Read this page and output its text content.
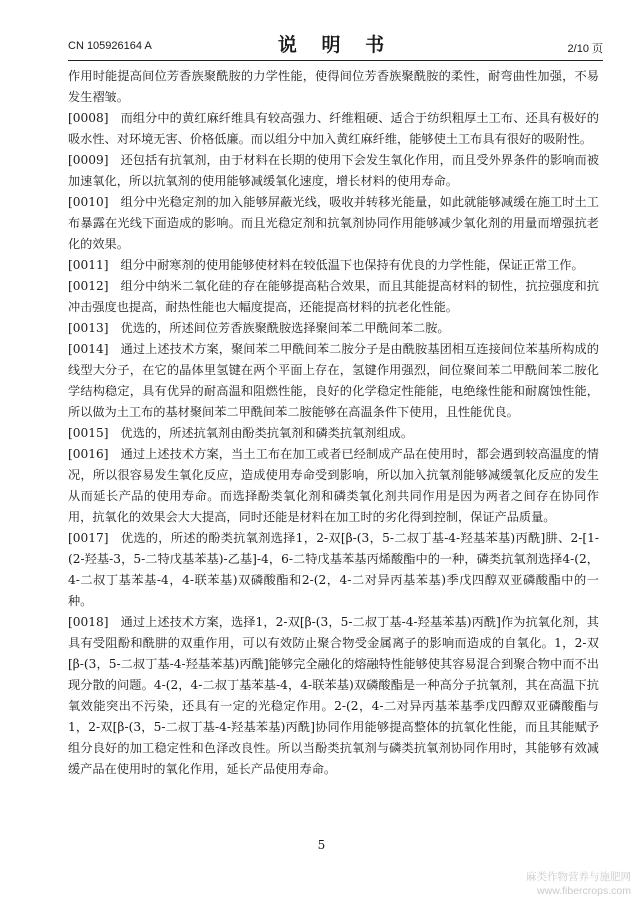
CN 105926164 A	说 明 书	2/10 页

作用时能提高间位芳香族聚酰胺的力学性能，使得间位芳香族聚酰胺的柔性，耐弯曲性加强，不易发生褶皱。

[0008] 而组分中的黄红麻纤维具有较高强力、纤维粗硬、适合于纺织粗厚土工布、还具有极好的吸水性、对环境无害、价格低廉。而以组分中加入黄红麻纤维，能够使土工布具有很好的吸附性。

[0009] 还包括有抗氧剂，由于材料在长期的使用下会发生氧化作用，而且受外界条件的影响而被加速氧化，所以抗氧剂的使用能够减缓氧化速度，增长材料的使用寿命。

[0010] 组分中光稳定剂的加入能够屏蔽光线，吸收并转移光能量，如此就能够减缓在施工时土工布暴露在光线下面造成的影响。而且光稳定剂和抗氧剂协同作用能够减少氧化剂的用量而增强抗老化的效果。

[0011] 组分中耐寒剂的使用能够使材料在较低温下也保持有优良的力学性能，保证正常工作。

[0012] 组分中纳米二氧化硅的存在能够提高粘合效果，而且其能提高材料的韧性，抗拉强度和抗冲击强度也提高，耐热性能也大幅度提高，还能提高材料的抗老化性能。

[0013] 优选的，所述间位芳香族聚酰胺选择聚间苯二甲酰间苯二胺。

[0014] 通过上述技术方案，聚间苯二甲酰间苯二胺分子是由酰胺基团相互连接间位苯基所构成的线型大分子，在它的晶体里氢键在两个平面上存在，氢键作用强烈，间位聚间苯二甲酰间苯二胺化学结构稳定，具有优异的耐高温和阻燃性能，良好的化学稳定性能能，电绝缘性能和耐腐蚀性能，所以做为土工布的基材聚间苯二甲酰间苯二胺能够在高温条件下使用，且性能优良。

[0015] 优选的，所述抗氧剂由酚类抗氧剂和磷类抗氧剂组成。

[0016] 通过上述技术方案，当土工布在加工或者已经制成产品在使用时，都会遇到较高温度的情况，所以很容易发生氧化反应，造成使用寿命受到影响，所以加入抗氧剂能够减缓氧化反应的发生从而延长产品的使用寿命。而选择酚类氧化剂和磷类氧化剂共同作用是因为两者之间存在协同作用，抗氧化的效果会大大提高，同时还能是材料在加工时的劣化得到控制，保证产品质量。

[0017] 优选的，所述的酚类抗氧剂选择1，2-双[β-(3，5-二叔丁基-4-羟基苯基)丙酰]肼、2-[1-(2-羟基-3，5-二特戊基苯基)-乙基]-4，6-二特戊基苯基丙烯酸酯中的一种，磷类抗氧剂选择4-(2，4-二叔丁基苯基-4，4-联苯基)双磷酸酯和2-(2，4-二对异丙基苯基)季戊四醇双亚磷酸酯中的一种。

[0018] 通过上述技术方案，选择1，2-双[β-(3，5-二叔丁基-4-羟基苯基)丙酰]作为抗氧化剂，其具有受阻酚和酰肼的双重作用，可以有效防止聚合物受金属离子的影响而造成的自氧化。1，2-双[β-(3，5-二叔丁基-4-羟基苯基)丙酰]能够完全融化的熔融特性能够使其容易混合到聚合物中而不出现分散的问题。4-(2，4-二叔丁基苯基-4，4-联苯基)双磷酸酯是一种高分子抗氧剂，其在高温下抗氧效能突出不污染，还具有一定的光稳定作用。2-(2，4-二对异丙基苯基季戊四醇双亚磷酸酯与1，2-双[β-(3，5-二叔丁基-4-羟基苯基)丙酰]协同作用能够提高整体的抗氧化性能，而且其能赋予组分良好的加工稳定性和色泽改良性。所以当酚类抗氧剂与磷类抗氧剂协同作用时，其能够有效减缓产品在使用时的氧化作用，延长产品使用寿命。

5
麻类作物营养与施肥网
www.fibercrops.com
